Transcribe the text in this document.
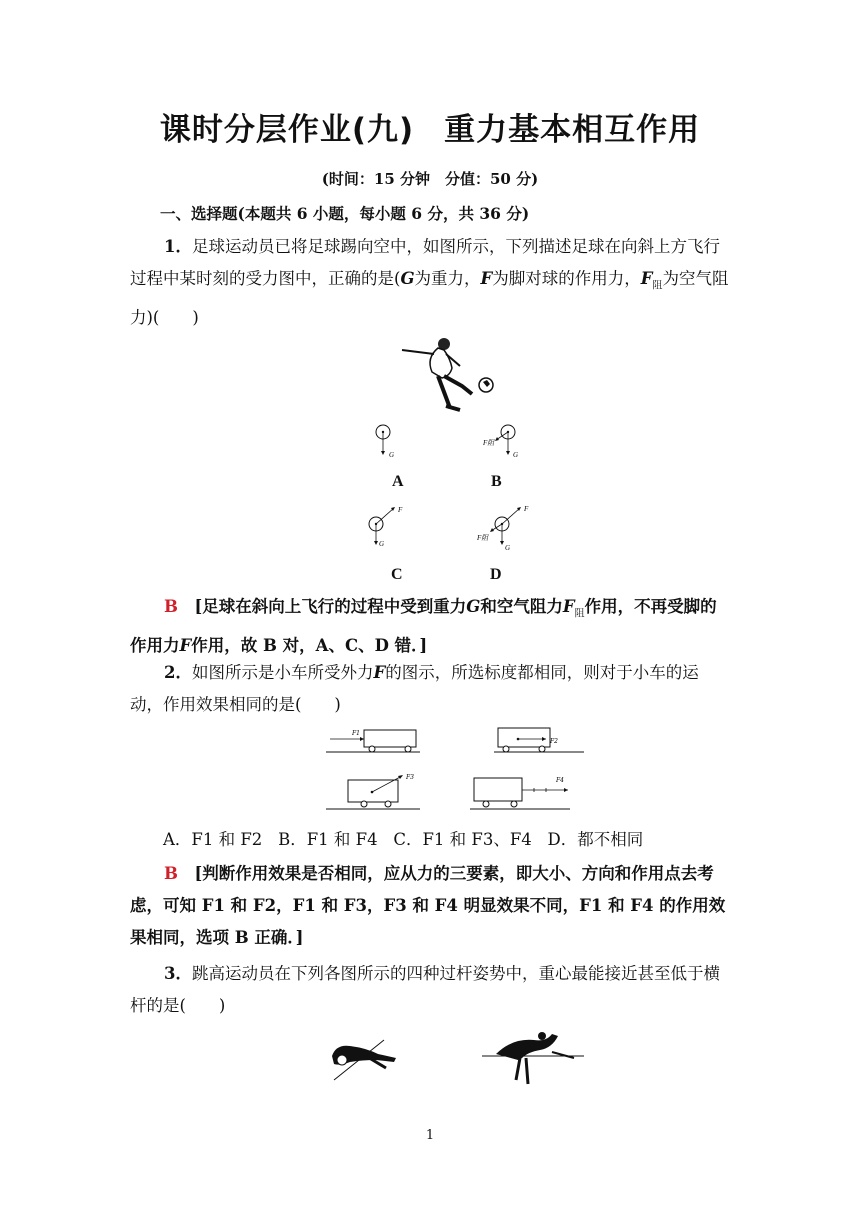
课时分层作业(九) 重力基本相互作用
(时间：15 分钟　分值：50 分)
一、选择题(本题共 6 小题，每小题 6 分，共 36 分)
1．足球运动员已将足球踢向空中，如图所示，下列描述足球在向斜上方飞行过程中某时刻的受力图中，正确的是(G为重力，F为脚对球的作用力，$F_阻$为空气阻力)(　　)
G	G
F阻
F
G
F
G
F阻
A	B
C	D
B　 [足球在斜向上飞行的过程中受到重力G和空气阻力$F_阻$作用，不再受脚的作用力F作用，故 B 对，A、C、D 错．]
2．如图所示是小车所受外力F的图示，所选标度都相同，则对于小车的运动，作用效果相同的是(　　)
F1
F2
F3	F4
A．F1 和 F2 B．F1 和 F4 C．F1 和 F3、F4 D．都不相同
B　 [判断作用效果是否相同，应从力的三要素，即大小、方向和作用点去考虑，可知 F1 和 F2，F1 和 F3，F3 和 F4 明显效果不同，F1 和 F4 的作用效果相同，选项 B 正确．]
3．跳高运动员在下列各图所示的四种过杆姿势中，重心最能接近甚至低于横杆的是(　　)
1
